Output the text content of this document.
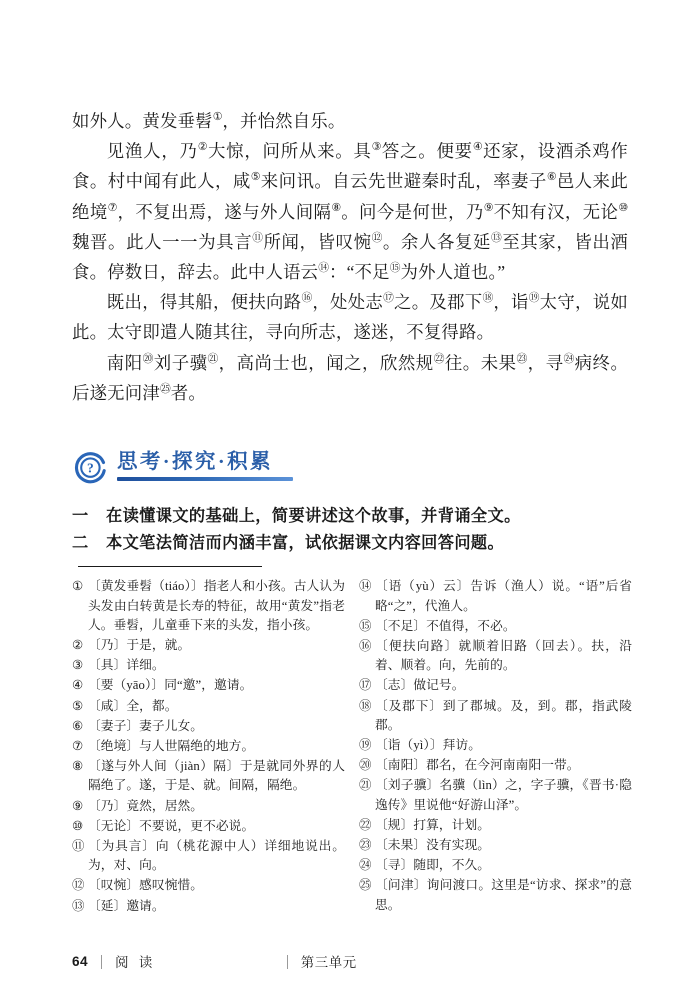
如外人。黄发垂髫①，并怡然自乐。

见渔人，乃②大惊，问所从来。具③答之。便要④还家，设酒杀鸡作食。村中闻有此人，咸⑤来问讯。自云先世避秦时乱，率妻子⑥邑人来此绝境⑦，不复出焉，遂与外人间隔⑧。问今是何世，乃⑨不知有汉，无论⑩魏晋。此人一一为具言⑪所闻，皆叹惋⑫。余人各复延⑬至其家，皆出酒食。停数日，辞去。此中人语云⑭：“不足⑮为外人道也。”

既出，得其船，便扶向路⑯，处处志⑰之。及郡下⑱，诣⑲太守，说如此。太守即遣人随其往，寻向所志，遂迷，不复得路。

南阳⑳刘子骥$^㉑$，高尚士也，闻之，欣然规$^㉒$往。未果$^㉓$，寻$^㉔$病终。后遂无问津$^㉕$者。

? 思考·探究·积累
一	在读懂课文的基础上，简要讲述这个故事，并背诵全文。
二	本文笔法简洁而内涵丰富，试依据课文内容回答问题。
① 〔黄发垂髫（tiáo）〕指老人和小孩。古人认为头发由白转黄是长寿的特征，故用“黄发”指老人。垂髫，儿童垂下来的头发，指小孩。
② 〔乃〕于是，就。
③ 〔具〕详细。
④ 〔要（yāo）〕同“邀”，邀请。
⑤ 〔咸〕全，都。
⑥ 〔妻子〕妻子儿女。
⑦ 〔绝境〕与人世隔绝的地方。
⑧ 〔遂与外人间（jiàn）隔〕于是就同外界的人隔绝了。遂，于是、就。间隔，隔绝。
⑨ 〔乃〕竟然，居然。
⑩ 〔无论〕不要说，更不必说。
⑪ 〔为具言〕向（桃花源中人）详细地说出。为，对、向。
⑫ 〔叹惋〕感叹惋惜。
⑬ 〔延〕邀请。
⑭ 〔语（yù）云〕告诉（渔人）说。“语”后省略“之”，代渔人。
⑮ 〔不足〕不值得，不必。
⑯ 〔便扶向路〕就顺着旧路（回去）。扶，沿着、顺着。向，先前的。
⑰ 〔志〕做记号。
⑱ 〔及郡下〕到了郡城。及，到。郡，指武陵郡。
⑲ 〔诣（yì）〕拜访。
⑳ 〔南阳〕郡名，在今河南南阳一带。
㉑ 〔刘子骥〕名骥（lìn）之，字子骥，《晋书·隐逸传》里说他“好游山泽”。
㉒ 〔规〕打算，计划。
㉓ 〔未果〕没有实现。
㉔ 〔寻〕随即，不久。
㉕ 〔问津〕询问渡口。这里是“访求、探求”的意思。
64 阅 读	第三单元
